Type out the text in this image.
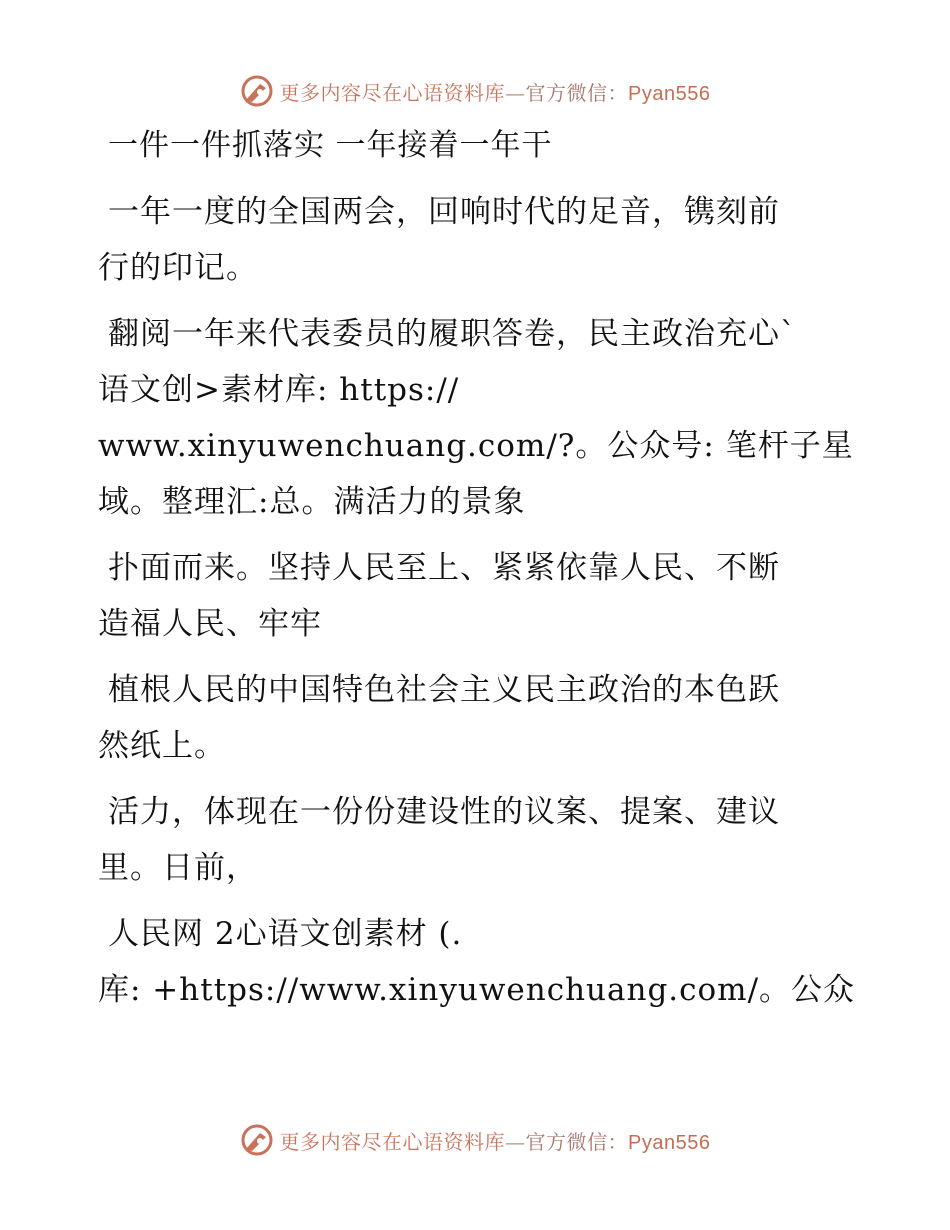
更多内容尽在心语资料库—官方微信：Pyan556
一件一件抓落实 一年接着一年干
一年一度的全国两会，回响时代的足音，镌刻前
行的印记。
翻阅一年来代表委员的履职答卷，民主政治充心`
语文创>素材库: https://
www.xinyuwenchuang.com/?。公众号: 笔杆子星
域。整理汇:总。满活力的景象
扑面而来。坚持人民至上、紧紧依靠人民、不断
造福人民、牢牢
植根人民的中国特色社会主义民主政治的本色跃
然纸上。
活力，体现在一份份建设性的议案、提案、建议
里。日前，
人民网 2心语文创素材 (.
库: +https://www.xinyuwenchuang.com/。公众
更多内容尽在心语资料库—官方微信：Pyan556
